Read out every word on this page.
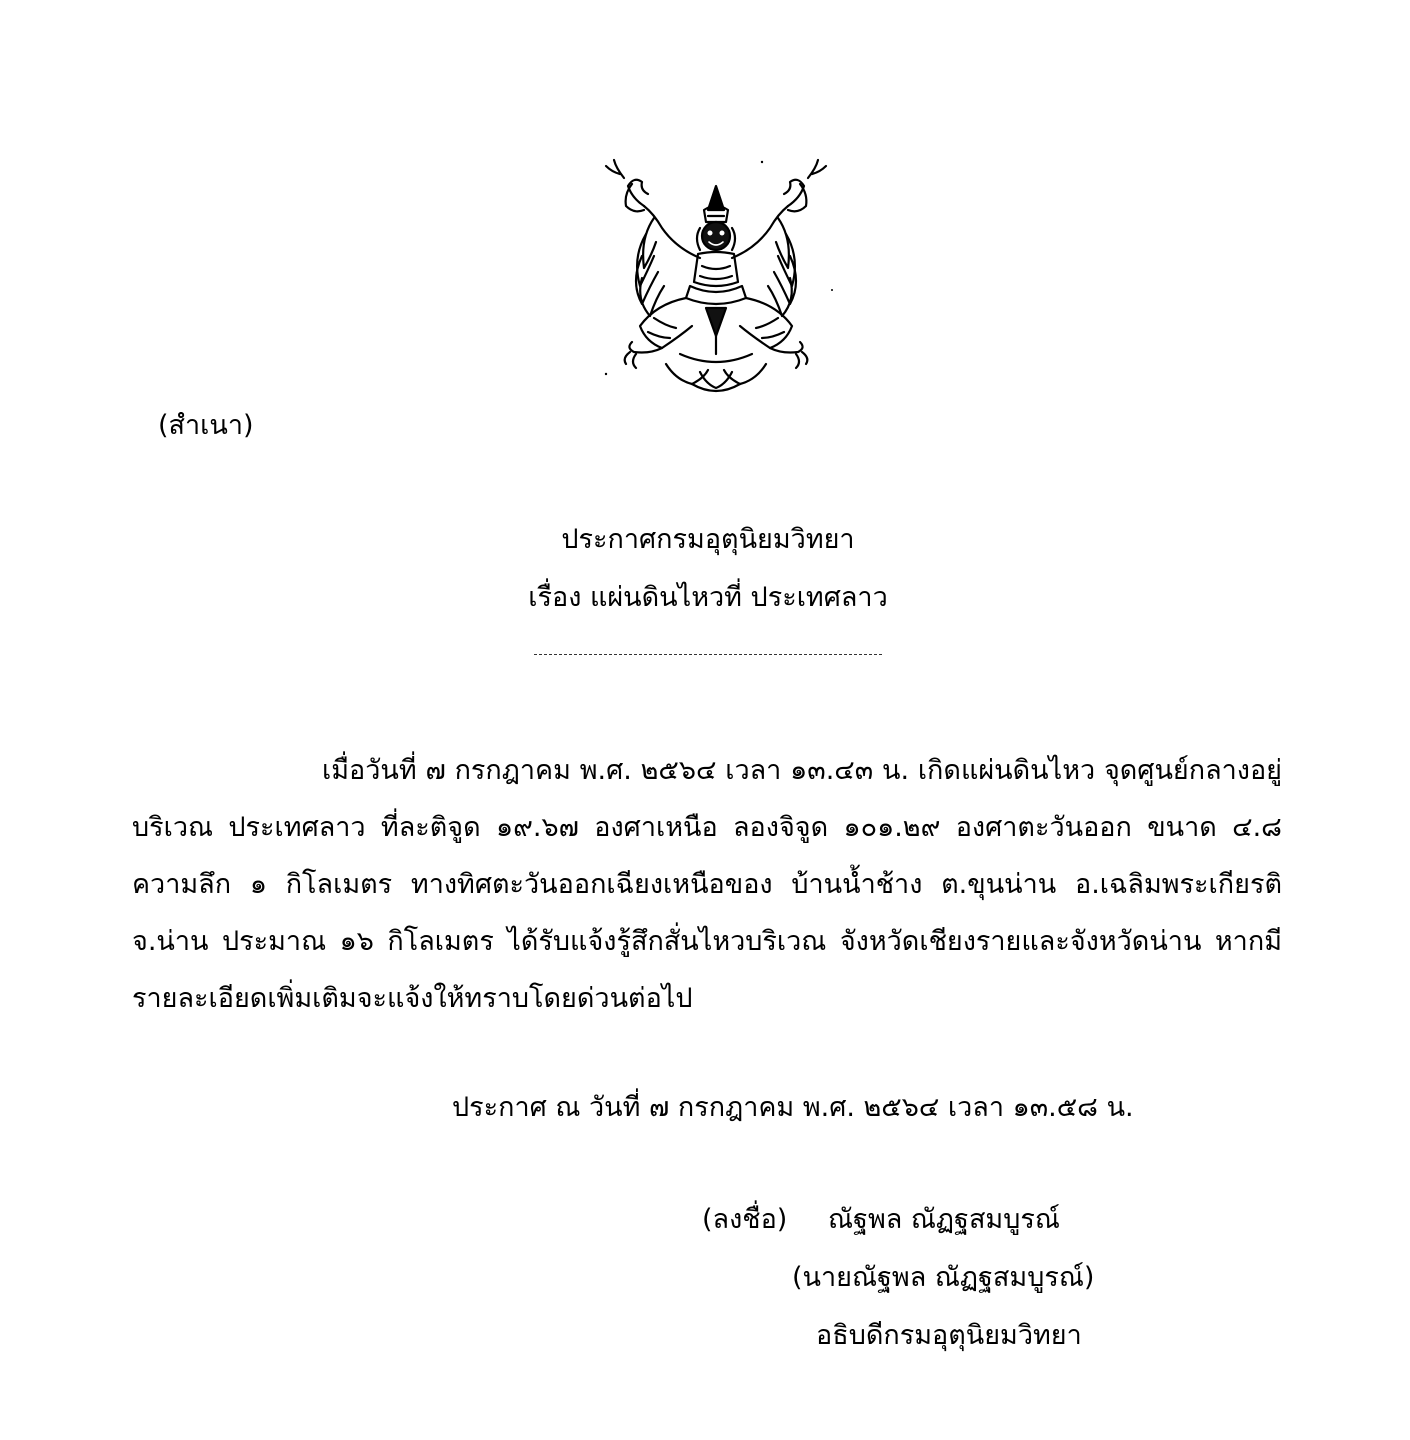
(สำเนา)
ประกาศกรมอุตุนิยมวิทยา
เรื่อง แผ่นดินไหวที่ ประเทศลาว
เมื่อวันที่ ๗ กรกฎาคม พ.ศ. ๒๕๖๔ เวลา ๑๓.๔๓ น. เกิดแผ่นดินไหว จุดศูนย์กลางอยู่บริเวณ ประเทศลาว ที่ละติจูด ๑๙.๖๗ องศาเหนือ ลองจิจูด ๑๐๑.๒๙ องศาตะวันออก ขนาด ๔.๘ ความลึก ๑ กิโลเมตร ทางทิศตะวันออกเฉียงเหนือของ บ้านน้ำช้าง ต.ขุนน่าน อ.เฉลิมพระเกียรติ จ.น่าน ประมาณ ๑๖ กิโลเมตร ได้รับแจ้งรู้สึกสั่นไหวบริเวณ จังหวัดเชียงรายและจังหวัดน่าน หากมีรายละเอียดเพิ่มเติมจะแจ้งให้ทราบโดยด่วนต่อไป
ประกาศ ณ วันที่ ๗ กรกฎาคม พ.ศ. ๒๕๖๔ เวลา ๑๓.๕๘ น.
(ลงชื่อ) ณัฐพล ณัฏฐสมบูรณ์
(นายณัฐพล ณัฏฐสมบูรณ์)
อธิบดีกรมอุตุนิยมวิทยา
